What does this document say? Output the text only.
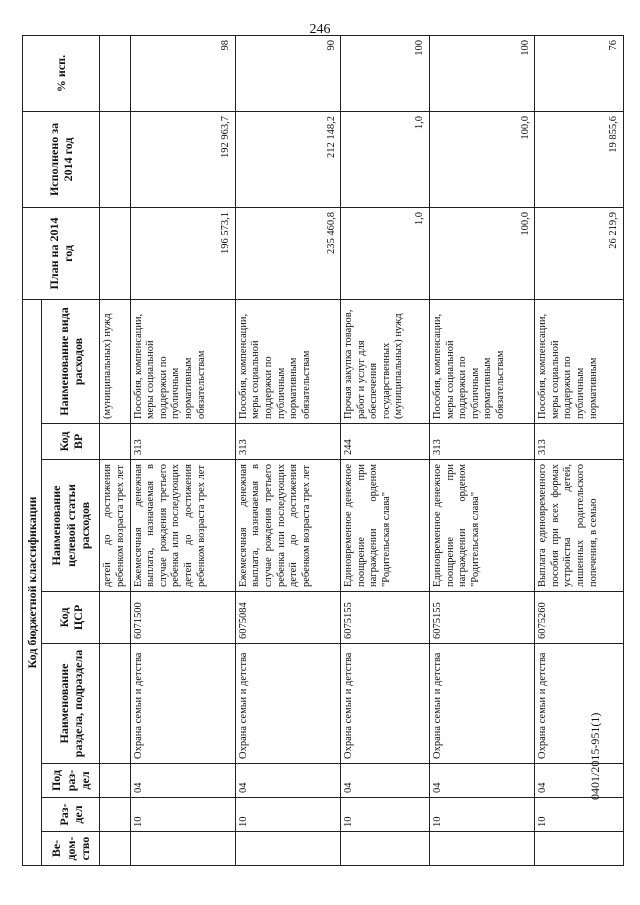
246
Код бюджетной классификации								План на 2014 год	Исполнено за 2014 год	% исп.
Ве-дом-ство	Раз-дел	Под раз-дел	Наименование раздела, подраздела	Код ЦСР	Наименование целевой статьи расходов	Код ВР	Наименование вида расходов			
					детей до достижения ребенком возраста трех лет		(муниципальных) нужд			
	10	04	Охрана семьи и детства	6071500	Ежемесячная денежная выплата, назначаемая в случае рождения третьего ребенка или последующих детей до достижения ребенком возраста трех лет	313	Пособия, компенсации, меры социальной поддержки по публичным нормативным обязательствам	196 573,1	192 963,7	98
	10	04	Охрана семьи и детства	6075084	Ежемесячная денежная выплата, назначаемая в случае рождения третьего ребенка или последующих детей до достижения ребенком возраста трех лет	313	Пособия, компенсации, меры социальной поддержки по публичным нормативным обязательствам	235 460,8	212 148,2	90
	10	04	Охрана семьи и детства	6075155	Единовременное денежное поощрение при награждении орденом "Родительская слава"	244	Прочая закупка товаров, работ и услуг для обеспечения государственных (муниципальных) нужд	1,0	1,0	100
	10	04	Охрана семьи и детства	6075155	Единовременное денежное поощрение при награждении орденом "Родительская слава"	313	Пособия, компенсации, меры социальной поддержки по публичным нормативным обязательствам	100,0	100,0	100
	10	04	Охрана семьи и детства	6075260	Выплата единовременного пособия при всех формах устройства детей, лишенных родительского попечения, в семью	313	Пособия, компенсации, меры социальной поддержки по публичным нормативным	26 219,9	19 855,6	76
0401/2015-951(1)
